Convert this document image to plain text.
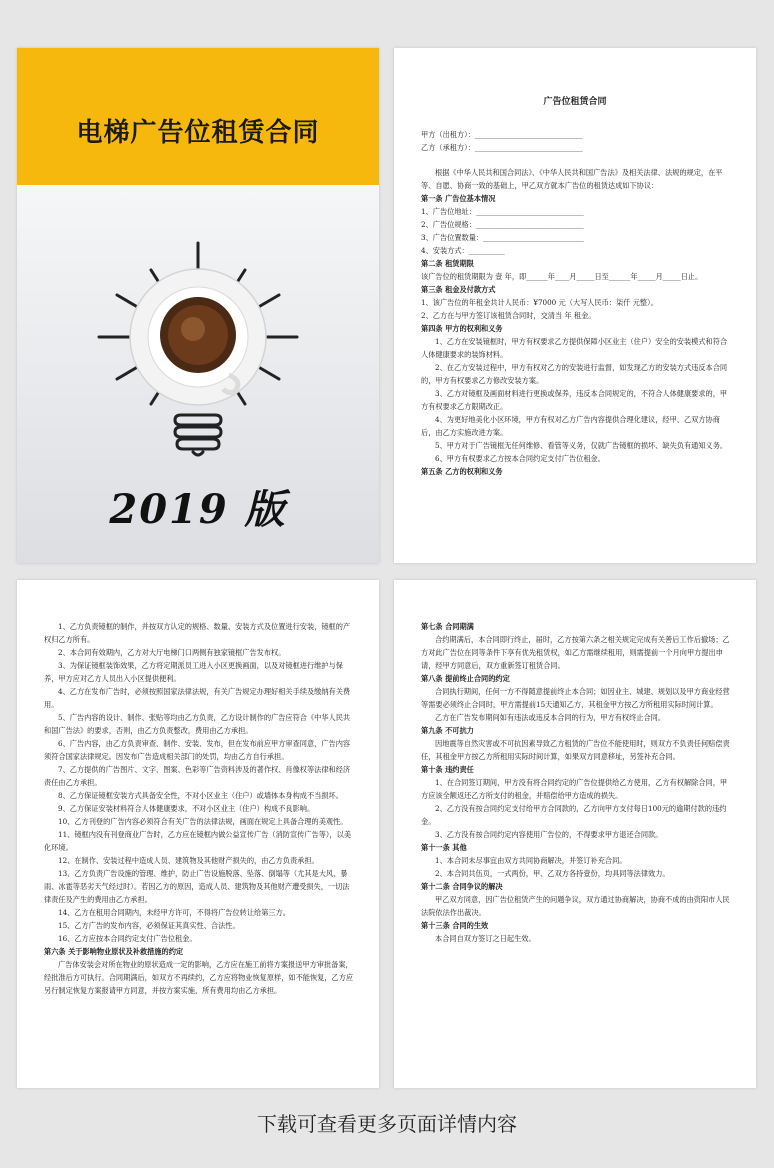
电梯广告位租赁合同
2019 版
广告位租赁合同
甲方（出租方）：______________________________
乙方（承租方）：______________________________
根据《中华人民共和国合同法》、《中华人民共和国广告法》及相关法律、法规的规定，在平等、自愿、协商一致的基础上，甲乙双方就本广告位的租赁达成如下协议：
第一条 广告位基本情况
1、广告位地址：______________________________
2、广告位规格：______________________________
3、广告位置数量：____________________________
4、安装方式：__________
第二条 租赁期限
该广告位的租赁期限为 壹 年，即______年____月_____日至______年_____月_____日止。
第三条 租金及付款方式
1、该广告位的年租金共计人民币：¥7000 元（大写人民币：柒仟 元整）。
2、乙方在与甲方签订该租赁合同时，交清当 年 租金。
第四条 甲方的权利和义务
1、乙方在安装镜框时，甲方有权要求乙方提供保障小区业主（住户）安全的安装模式和符合人体健康要求的装饰材料。
2、在乙方安装过程中，甲方有权对乙方的安装进行监督，如发现乙方的安装方式违反本合同的，甲方有权要求乙方修改安装方案。
3、乙方对镜框及画面材料进行更换或保养，违反本合同规定的，不符合人体健康要求的，甲方有权要求乙方限期改正。
4、为更好地美化小区环境，甲方有权对乙方广告内容提供合理化建议，经甲、乙双方协商后，由乙方实施改进方案。
5、甲方对于广告镜框无任何维修、看管等义务，仅就广告镜框的损坏、缺失负有通知义务。
6、甲方有权要求乙方按本合同约定支付广告位租金。
第五条 乙方的权利和义务
1、乙方负责镜框的制作，并按双方认定的规格、数量、安装方式及位置进行安装，镜框的产权归乙方所有。
2、本合同有效期内，乙方对大厅电梯门口两侧有独家镜框广告发布权。
3、为保证镜框装饰效果，乙方将定期派员工进入小区更换画面，以及对镜框进行维护与保养，甲方应对乙方人员出入小区提供便利。
4、乙方在发布广告时，必须按照国家法律法规，有关广告规定办理好相关手续及缴纳有关费用。
5、广告内容的设计、制作、张贴等均由乙方负责，乙方设计制作的广告应符合《中华人民共和国广告法》的要求，否则，由乙方负责整改，费用由乙方承担。
6、广告内容，由乙方负责审查、制作、安装、发布，但在发布前应甲方审查同意，广告内容须符合国家法律规定。因发布广告造成相关部门的处罚，均由乙方自行承担。
7、乙方提供的广告图片、文字、图案、色彩等广告资料涉及的著作权、肖像权等法律和经济责任由乙方承担。
8、乙方保证镜框安装方式具备安全性，不对小区业主（住户）或墙体本身构成不当损坏。
9、乙方保证安装材料符合人体健康要求，不对小区业主（住户）构成不良影响。
10、乙方刊登的广告内容必须符合有关广告的法律法规，画面在规定上具备合理的美观性。
11、镜框内没有刊登商业广告时，乙方应在镜框内做公益宣传广告（消防宣传广告等），以美化环境。
12、在制作、安装过程中造成人员、建筑物及其他财产损失的，由乙方负责承担。
13、乙方负责广告设施的管理、维护，防止广告设施脱落、坠落、倒塌等（尤其是大风、暴雨、冰雹等恶劣天气经过时）。若因乙方的原因，造成人员、建筑物及其他财产遭受损失，一切法律责任及产生的费用由乙方承担。
14、乙方在租用合同期内，未经甲方许可，不得将广告位转让给第三方。
15、乙方广告的发布内容，必须保证其真实性、合法性。
16、乙方应按本合同约定支付广告位租金。
第六条 关于影响物业原状及补救措施的约定
广告体安装会对所在物业的原状造成一定的影响，乙方应在施工前将方案报送甲方审批备案，经批准后方可执行。合同期满后，如双方不再续约，乙方应将物业恢复原样，如不能恢复，乙方应另行制定恢复方案报请甲方同意，并按方案实施，所有费用均由乙方承担。
第七条 合同期满
合约期满后，本合同即行终止，届时，乙方按第六条之相关规定完成有关善后工作后撤场；乙方对此广告位在同等条件下享有优先租赁权，如乙方需继续租用，则需提前一个月向甲方提出申请，经甲方同意后，双方重新签订租赁合同。
第八条 提前终止合同的约定
合同执行期间，任何一方不得随意提前终止本合同；如因业主、城建、规划以及甲方商业经营等需要必须终止合同时，甲方需提前15天通知乙方，其租金甲方按乙方所租用实际时间计算。
乙方在广告发布期间如有违法或违反本合同的行为，甲方有权终止合同。
第九条 不可抗力
因地震等自然灾害或不可抗因素导致乙方租赁的广告位不能使用时，则双方不负责任何赔偿责任，其租金甲方按乙方所租用实际时间计算，如果双方同意移址，另签补充合同。
第十条 违约责任
1、在合同签订期间，甲方没有将合同约定的广告位提供给乙方使用，乙方有权解除合同，甲方应该全额返还乙方所支付的租金，并赔偿给甲方造成的损失。
2、乙方没有按合同约定支付给甲方合同款的，乙方向甲方支付每日100元的逾期付款的违约金。
3、乙方没有按合同约定内容使用广告位的，不得要求甲方退还合同款。
第十一条 其他
1、本合同未尽事宜由双方共同协商解决，并签订补充合同。
2、本合同共伍页，一式两份，甲、乙双方各持壹份，均具同等法律效力。
第十二条 合同争议的解决
甲乙双方同意，因广告位租赁产生的问题争议，双方通过协商解决，协商不成的由资阳市人民法院依法作出裁决。
第十三条 合同的生效
本合同自双方签订之日起生效。
下载可查看更多页面详情内容
